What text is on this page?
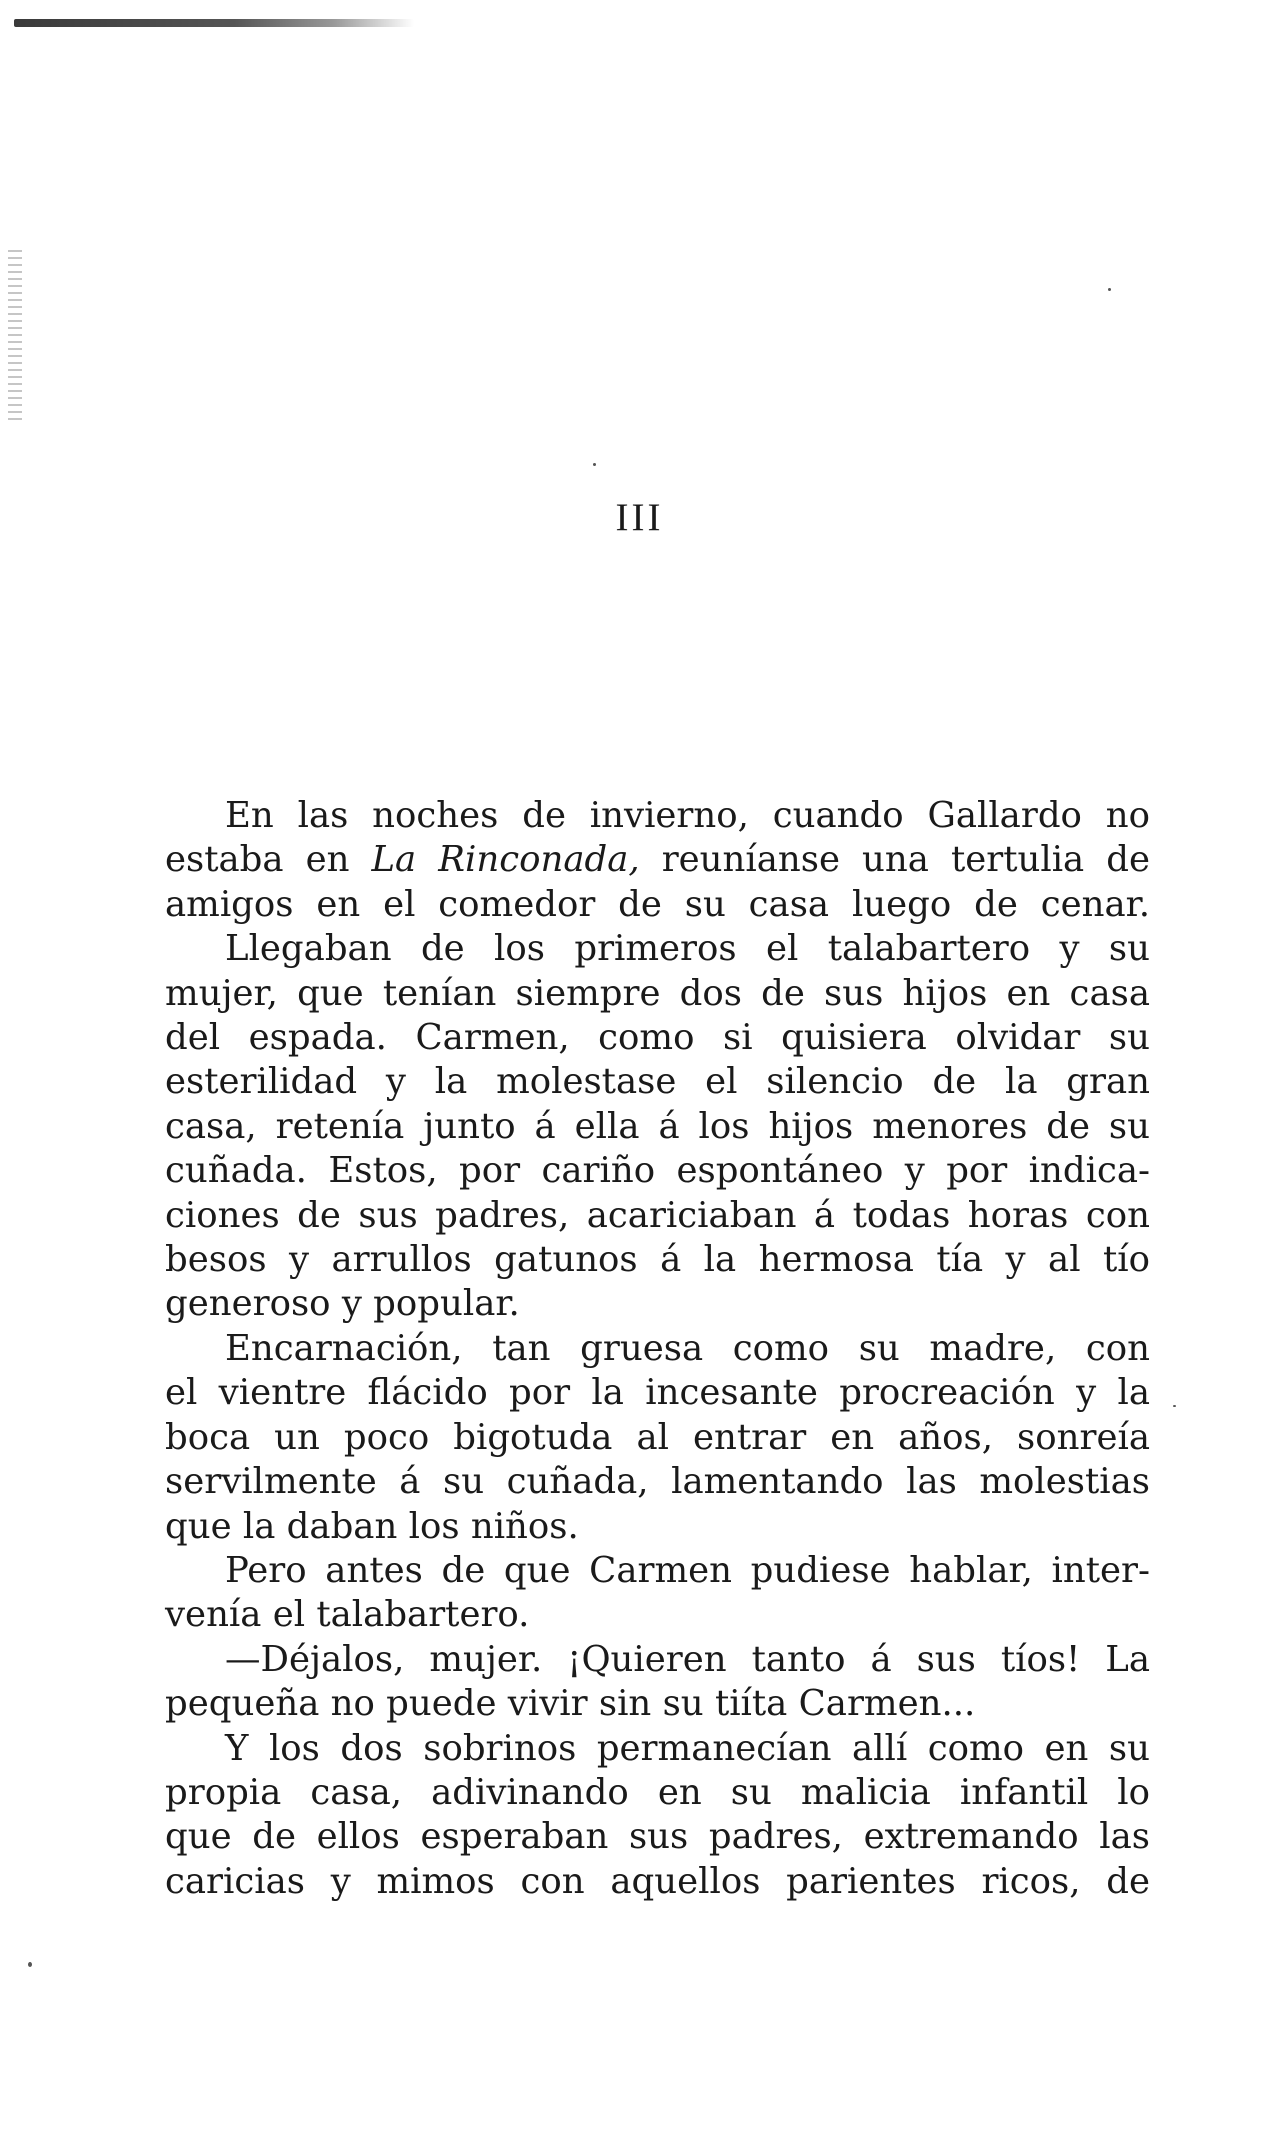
III
En las noches de invierno, cuando Gallardo no
estaba en La Rinconada, reuníanse una tertulia de
amigos en el comedor de su casa luego de cenar.
Llegaban de los primeros el talabartero y su
mujer, que tenían siempre dos de sus hijos en casa
del espada. Carmen, como si quisiera olvidar su
esterilidad y la molestase el silencio de la gran
casa, retenía junto á ella á los hijos menores de su
cuñada. Estos, por cariño espontáneo y por indica-
ciones de sus padres, acariciaban á todas horas con
besos y arrullos gatunos á la hermosa tía y al tío
generoso y popular.
Encarnación, tan gruesa como su madre, con
el vientre flácido por la incesante procreación y la
boca un poco bigotuda al entrar en años, sonreía
servilmente á su cuñada, lamentando las molestias
que la daban los niños.
Pero antes de que Carmen pudiese hablar, inter-
venía el talabartero.
—Déjalos, mujer. ¡Quieren tanto á sus tíos! La
pequeña no puede vivir sin su tiíta Carmen...
Y los dos sobrinos permanecían allí como en su
propia casa, adivinando en su malicia infantil lo
que de ellos esperaban sus padres, extremando las
caricias y mimos con aquellos parientes ricos, de
